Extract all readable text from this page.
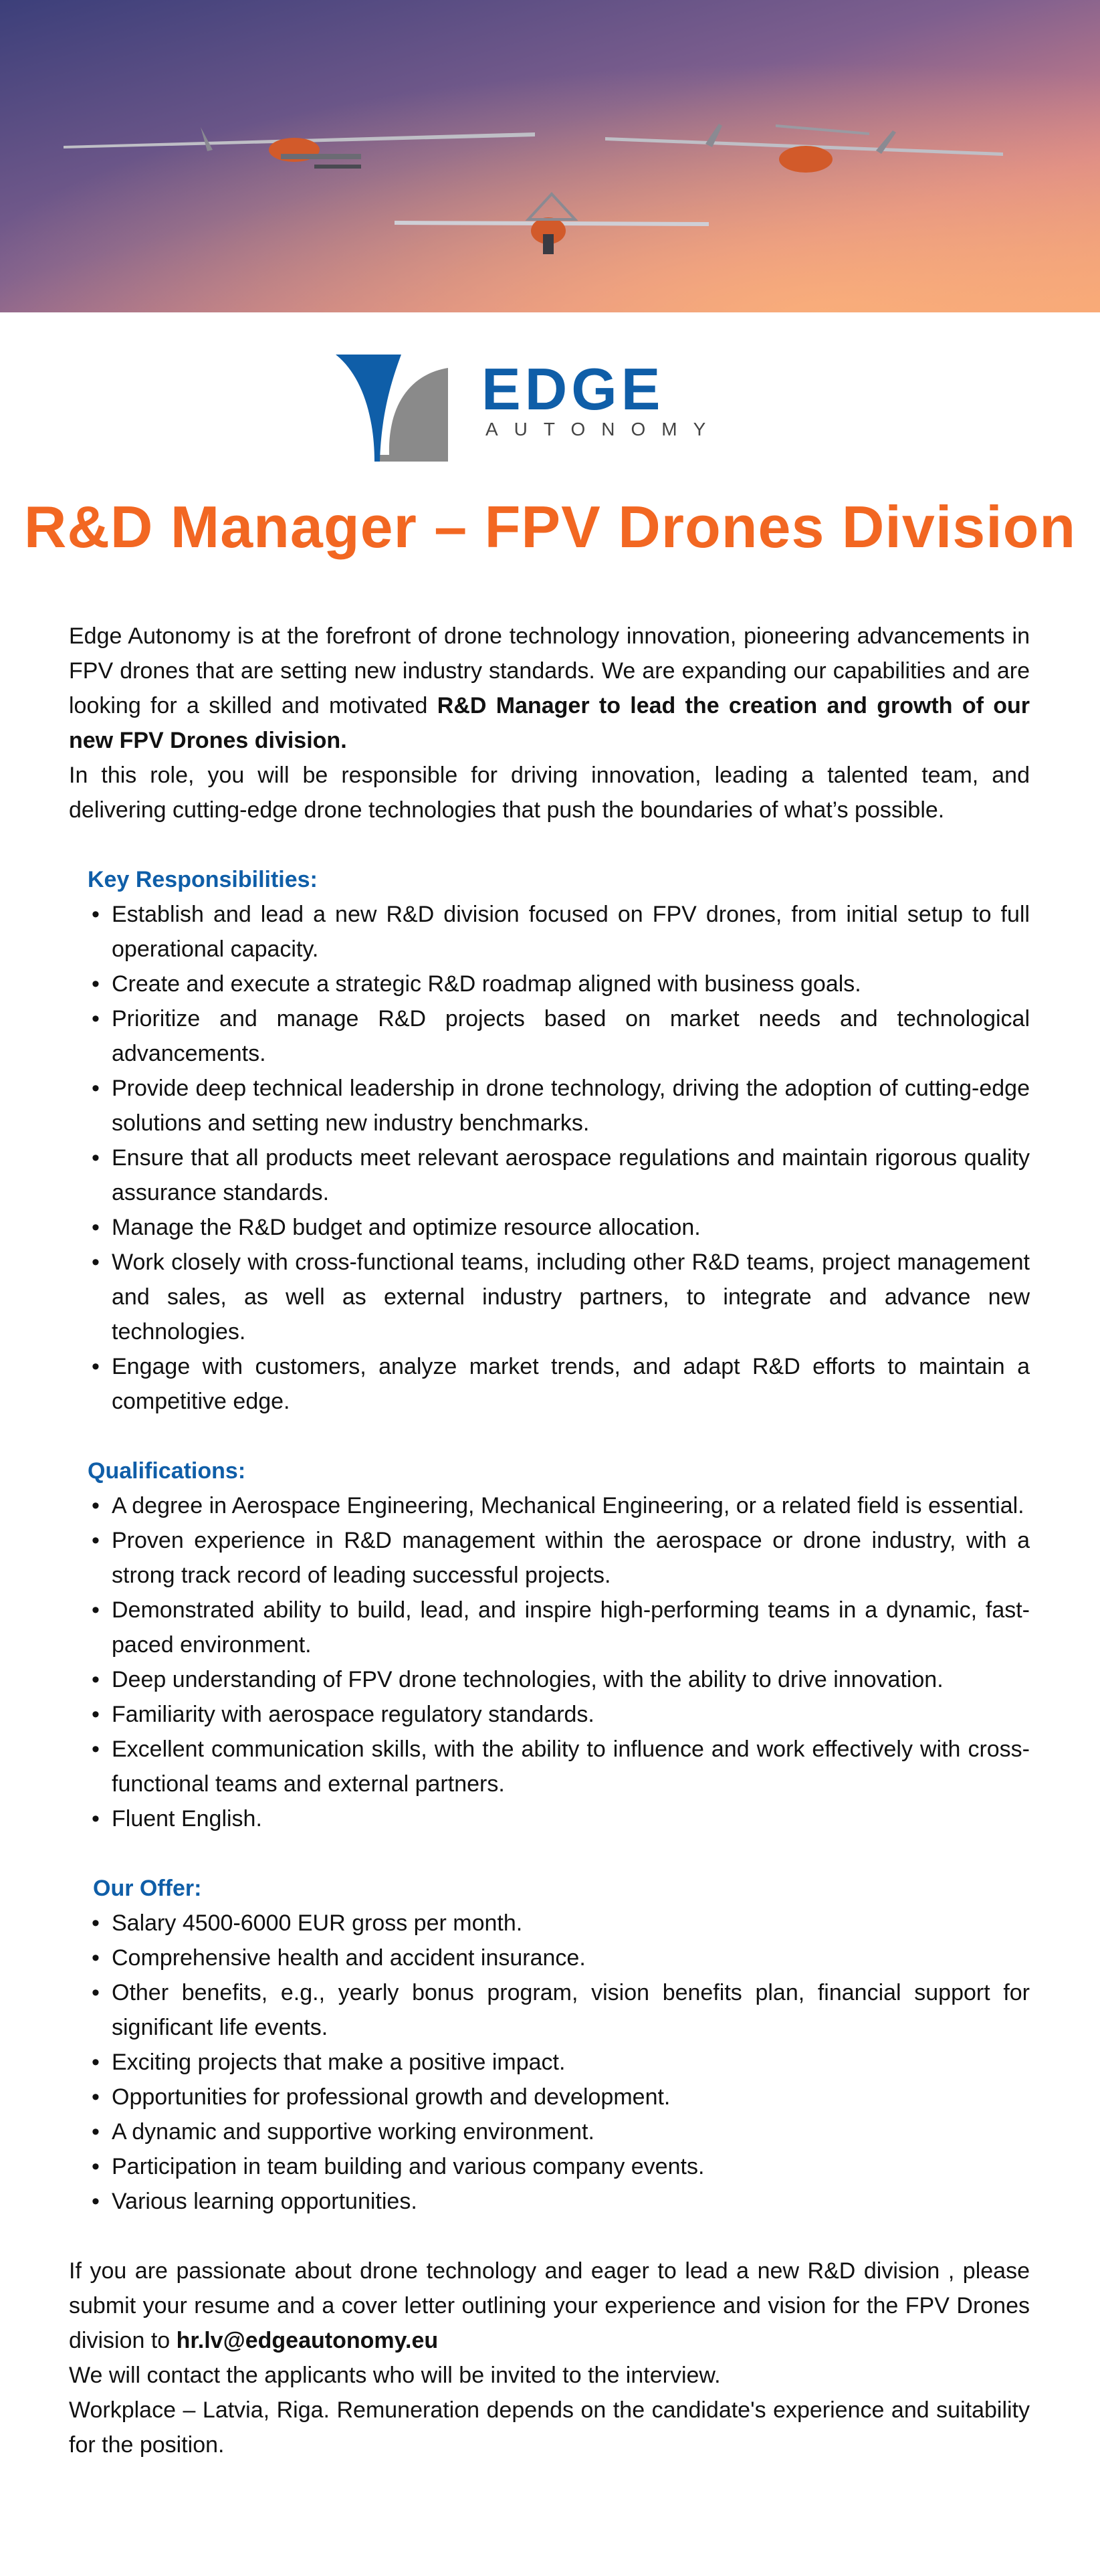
EDGE
AUTONOMY
R&D Manager – FPV Drones Division

Edge Autonomy is at the forefront of drone technology innovation, pioneering advancements in FPV drones that are setting new industry standards. We are expanding our capabilities and are looking for a skilled and motivated R&D Manager to lead the creation and growth of our new FPV Drones division.

In this role, you will be responsible for driving innovation, leading a talented team, and delivering cutting-edge drone technologies that push the boundaries of what’s possible.

Key Responsibilities:

• Establish and lead a new R&D division focused on FPV drones, from initial setup to full operational capacity.
• Create and execute a strategic R&D roadmap aligned with business goals.
• Prioritize and manage R&D projects based on market needs and technological advancements.
• Provide deep technical leadership in drone technology, driving the adoption of cutting-edge solutions and setting new industry benchmarks.
• Ensure that all products meet relevant aerospace regulations and maintain rigorous quality assurance standards.
• Manage the R&D budget and optimize resource allocation.
• Work closely with cross-functional teams, including other R&D teams, project management and sales, as well as external industry partners, to integrate and advance new technologies.
• Engage with customers, analyze market trends, and adapt R&D efforts to maintain a competitive edge.

Qualifications:

• A degree in Aerospace Engineering, Mechanical Engineering, or a related field is essential.
• Proven experience in R&D management within the aerospace or drone industry, with a strong track record of leading successful projects.
• Demonstrated ability to build, lead, and inspire high-performing teams in a dynamic, fast-paced environment.
• Deep understanding of FPV drone technologies, with the ability to drive innovation.
• Familiarity with aerospace regulatory standards.
• Excellent communication skills, with the ability to influence and work effectively with cross-functional teams and external partners.
• Fluent English.

Our Offer:

• Salary 4500-6000 EUR gross per month.
• Comprehensive health and accident insurance.
• Other benefits, e.g., yearly bonus program, vision benefits plan, financial support for significant life events.
• Exciting projects that make a positive impact.
• Opportunities for professional growth and development.
• A dynamic and supportive working environment.
• Participation in team building and various company events.
• Various learning opportunities.

If you are passionate about drone technology and eager to lead a new R&D division , please submit your resume and a cover letter outlining your experience and vision for the FPV Drones division to hr.lv@edgeautonomy.eu

We will contact the applicants who will be invited to the interview.

Workplace – Latvia, Riga. Remuneration depends on the candidate's experience and suitability for the position.
